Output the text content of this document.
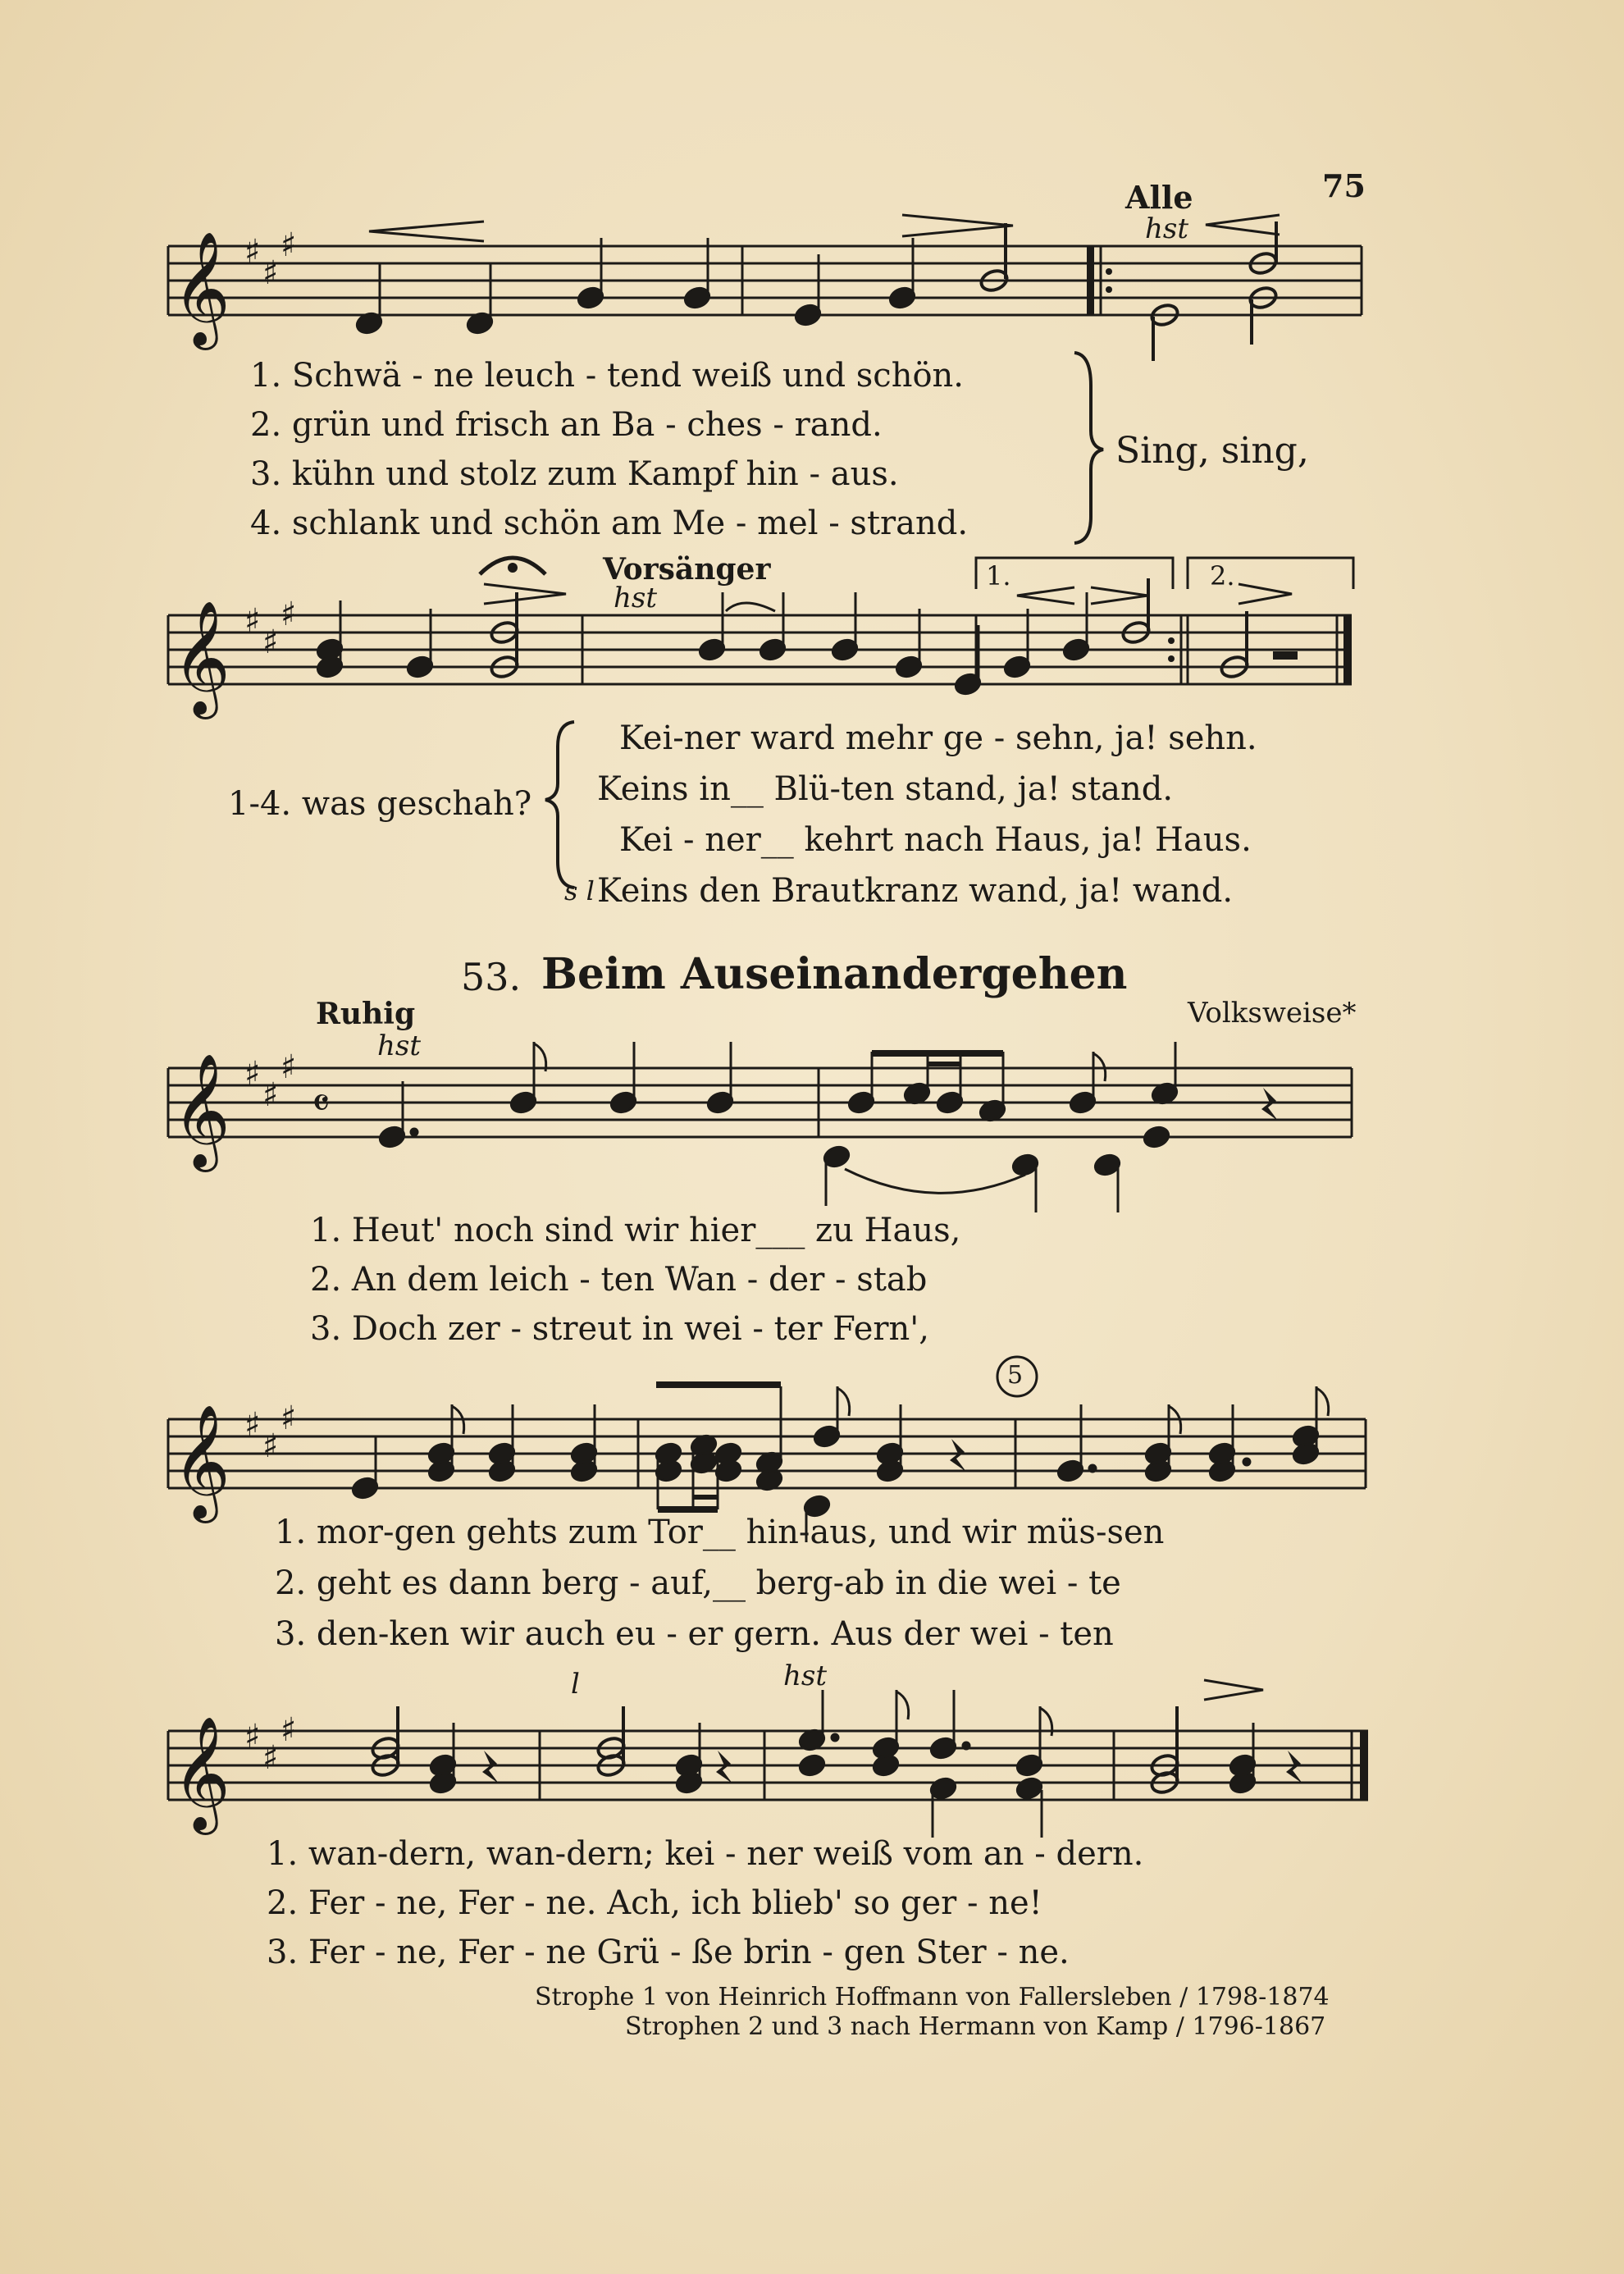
75
Alle
hst
𝄞 ♯
♯
♯
1. Schwä - ne leuch - tend weiß und schön.
2. grün und frisch an Ba - ches - rand.
3. kühn und stolz zum Kampf hin - aus.
4. schlank und schön am Me - mel - strand.
Sing, sing,
Vorsänger
hst
1.	2.
𝄞 ♯
♯
♯
1-4. was geschah?
Kei-ner ward mehr ge - sehn, ja! sehn.
Keins in__ Blü-ten stand, ja! stand.
Kei - ner__ kehrt nach Haus, ja! Haus.
s l Keins den Brautkranz wand, ja! wand.
53. Beim Auseinandergehen
Ruhig
hst
Volksweise*
𝄞 ♯
♯
♯
𝄴
1. Heut' noch sind wir hier___ zu Haus,
2. An dem leich - ten Wan - der - stab
3. Doch zer - streut in wei - ter Fern',
𝄞 ♯
♯
♯
5
1. mor-gen gehts zum Tor__ hin-aus, und wir müs-sen
2. geht es dann berg - auf,__ berg-ab in die wei - te
3. den-ken wir auch eu - er gern. Aus der wei - ten
l	hst
𝄞 ♯
♯
♯
1. wan-dern, wan-dern; kei - ner weiß vom an - dern.
2. Fer - ne, Fer - ne. Ach, ich blieb' so ger - ne!
3. Fer - ne, Fer - ne Grü - ße brin - gen Ster - ne.
Strophe 1 von Heinrich Hoffmann von Fallersleben / 1798-1874
Strophen 2 und 3 nach Hermann von Kamp / 1796-1867
